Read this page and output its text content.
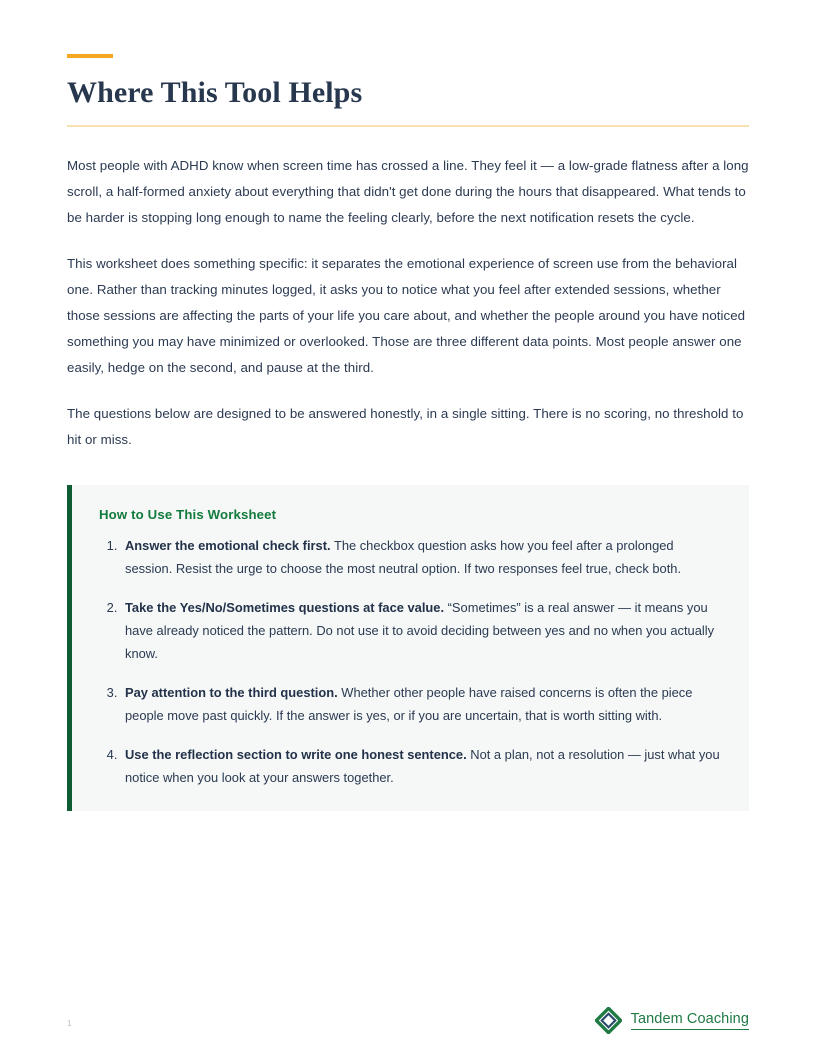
Where This Tool Helps

Most people with ADHD know when screen time has crossed a line. They feel it — a low-grade flatness after a long scroll, a half-formed anxiety about everything that didn't get done during the hours that disappeared. What tends to be harder is stopping long enough to name the feeling clearly, before the next notification resets the cycle.

This worksheet does something specific: it separates the emotional experience of screen use from the behavioral one. Rather than tracking minutes logged, it asks you to notice what you feel after extended sessions, whether those sessions are affecting the parts of your life you care about, and whether the people around you have noticed something you may have minimized or overlooked. Those are three different data points. Most people answer one easily, hedge on the second, and pause at the third.

The questions below are designed to be answered honestly, in a single sitting. There is no scoring, no threshold to hit or miss.

How to Use This Worksheet
1. Answer the emotional check first. The checkbox question asks how you feel after a prolonged session. Resist the urge to choose the most neutral option. If two responses feel true, check both.
2. Take the Yes/No/Sometimes questions at face value. “Sometimes” is a real answer — it means you have already noticed the pattern. Do not use it to avoid deciding between yes and no when you actually know.
3. Pay attention to the third question. Whether other people have raised concerns is often the piece people move past quickly. If the answer is yes, or if you are uncertain, that is worth sitting with.
4. Use the reflection section to write one honest sentence. Not a plan, not a resolution — just what you notice when you look at your answers together.
1	Tandem Coaching
